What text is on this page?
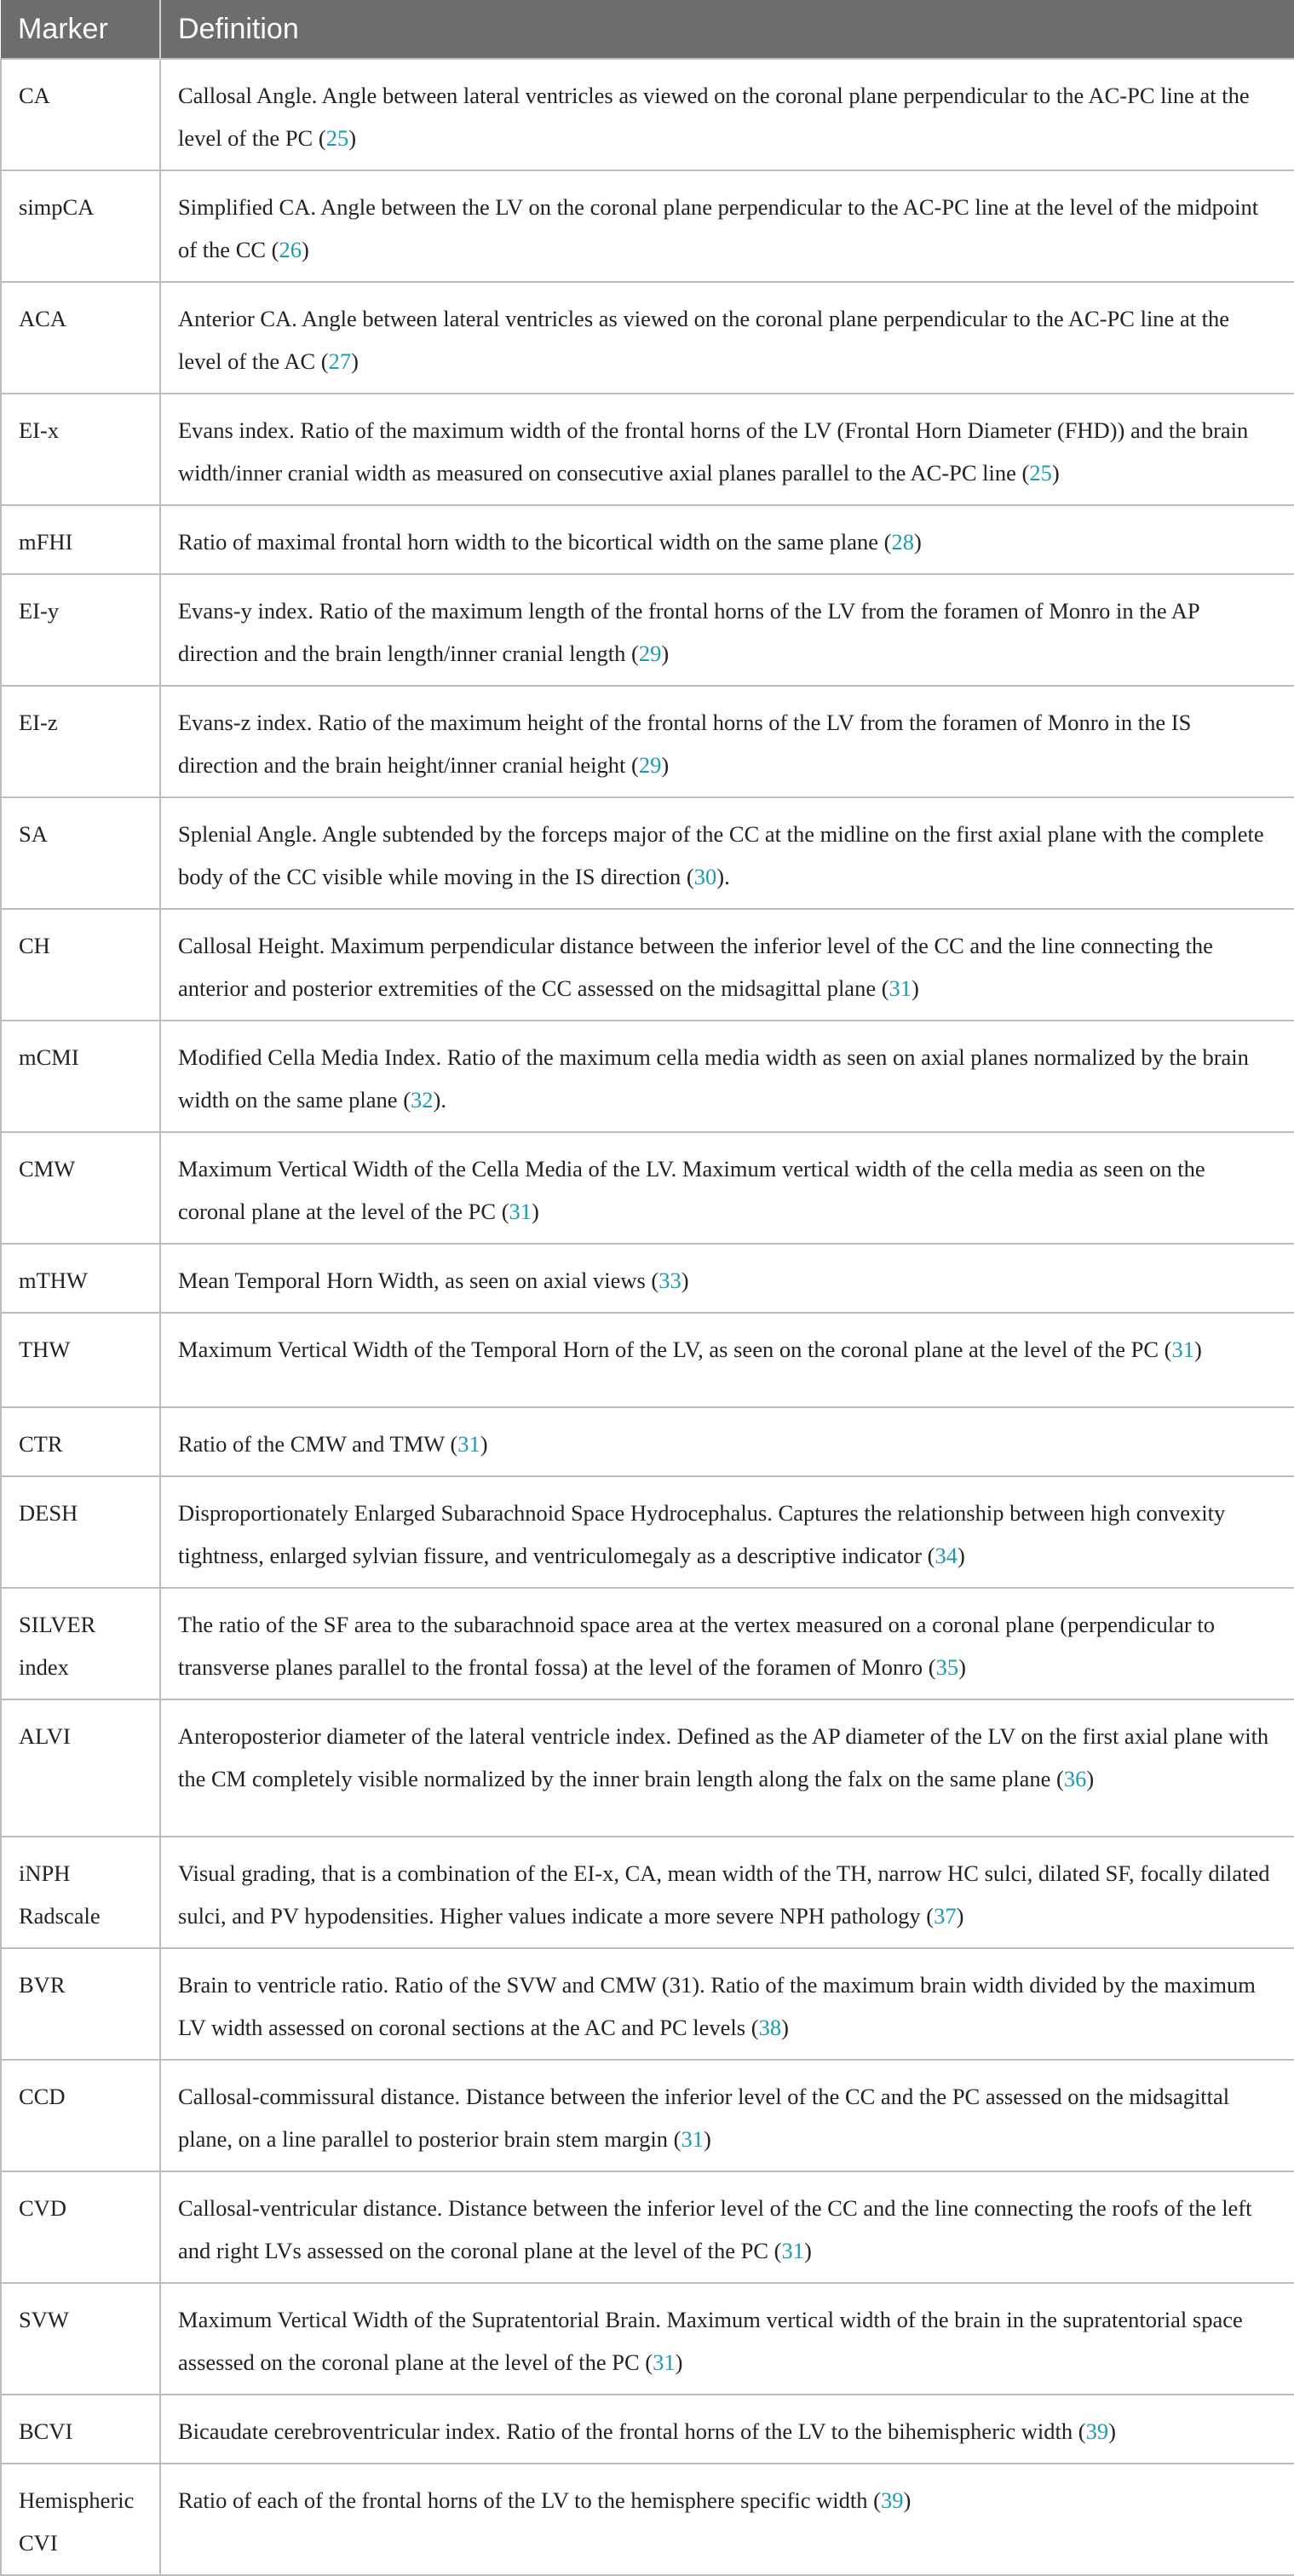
Marker	Definition
CA	Callosal Angle. Angle between lateral ventricles as viewed on the coronal plane perpendicular to the AC-PC line at the level of the PC (25)
simpCA	Simplified CA. Angle between the LV on the coronal plane perpendicular to the AC-PC line at the level of the midpoint of the CC (26)
ACA	Anterior CA. Angle between lateral ventricles as viewed on the coronal plane perpendicular to the AC-PC line at the level of the AC (27)
EI-x	Evans index. Ratio of the maximum width of the frontal horns of the LV (Frontal Horn Diameter (FHD)) and the brain width/inner cranial width as measured on consecutive axial planes parallel to the AC-PC line (25)
mFHI	Ratio of maximal frontal horn width to the bicortical width on the same plane (28)
EI-y	Evans-y index. Ratio of the maximum length of the frontal horns of the LV from the foramen of Monro in the AP direction and the brain length/inner cranial length (29)
EI-z	Evans-z index. Ratio of the maximum height of the frontal horns of the LV from the foramen of Monro in the IS direction and the brain height/inner cranial height (29)
SA	Splenial Angle. Angle subtended by the forceps major of the CC at the midline on the first axial plane with the complete body of the CC visible while moving in the IS direction (30).
CH	Callosal Height. Maximum perpendicular distance between the inferior level of the CC and the line connecting the anterior and posterior extremities of the CC assessed on the midsagittal plane (31)
mCMI	Modified Cella Media Index. Ratio of the maximum cella media width as seen on axial planes normalized by the brain width on the same plane (32).
CMW	Maximum Vertical Width of the Cella Media of the LV. Maximum vertical width of the cella media as seen on the coronal plane at the level of the PC (31)
mTHW	Mean Temporal Horn Width, as seen on axial views (33)
THW	Maximum Vertical Width of the Temporal Horn of the LV, as seen on the coronal plane at the level of the PC (31)
CTR	Ratio of the CMW and TMW (31)
DESH	Disproportionately Enlarged Subarachnoid Space Hydrocephalus. Captures the relationship between high convexity tightness, enlarged sylvian fissure, and ventriculomegaly as a descriptive indicator (34)
SILVER index	The ratio of the SF area to the subarachnoid space area at the vertex measured on a coronal plane (perpendicular to transverse planes parallel to the frontal fossa) at the level of the foramen of Monro (35)
ALVI	Anteroposterior diameter of the lateral ventricle index. Defined as the AP diameter of the LV on the first axial plane with the CM completely visible normalized by the inner brain length along the falx on the same plane (36)
iNPH Radscale	Visual grading, that is a combination of the EI-x, CA, mean width of the TH, narrow HC sulci, dilated SF, focally dilated sulci, and PV hypodensities. Higher values indicate a more severe NPH pathology (37)
BVR	Brain to ventricle ratio. Ratio of the SVW and CMW (31). Ratio of the maximum brain width divided by the maximum LV width assessed on coronal sections at the AC and PC levels (38)
CCD	Callosal-commissural distance. Distance between the inferior level of the CC and the PC assessed on the midsagittal plane, on a line parallel to posterior brain stem margin (31)
CVD	Callosal-ventricular distance. Distance between the inferior level of the CC and the line connecting the roofs of the left and right LVs assessed on the coronal plane at the level of the PC (31)
SVW	Maximum Vertical Width of the Supratentorial Brain. Maximum vertical width of the brain in the supratentorial space assessed on the coronal plane at the level of the PC (31)
BCVI	Bicaudate cerebroventricular index. Ratio of the frontal horns of the LV to the bihemispheric width (39)
Hemispheric CVI	Ratio of each of the frontal horns of the LV to the hemisphere specific width (39)
